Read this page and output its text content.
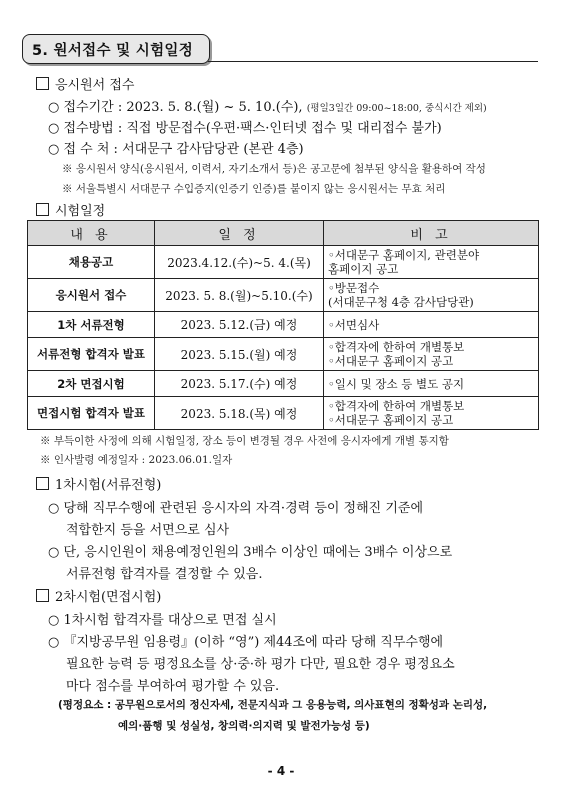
5. 원서접수 및 시험일정
응시원서 접수
○ 접수기간 : 2023. 5. 8.(월) ~ 5. 10.(수), (평일3일간 09:00~18:00, 중식시간 제외)
○ 접수방법 : 직접 방문접수(우편·팩스·인터넷 접수 및 대리접수 불가)
○ 접 수 처 : 서대문구 감사담당관 (본관 4층)
※ 응시원서 양식(응시원서, 이력서, 자기소개서 등)은 공고문에 첨부된 양식을 활용하여 작성
※ 서울특별시 서대문구 수입증지(인증기 인증)를 붙이지 않는 응시원서는 무효 처리
시험일정
내 용	일 정	비 고
채용공고	2023.4.12.(수)~5. 4.(목)	◦서대문구 홈페이지, 관련분야
홈페이지 공고

응시원서 접수	2023. 5. 8.(월)~5.10.(수)	◦방문접수
(서대문구청 4층 감사담당관)

1차 서류전형	2023. 5.12.(금) 예정	◦서면심사

서류전형 합격자 발표	2023. 5.15.(월) 예정	◦합격자에 한하여 개별통보
◦서대문구 홈페이지 공고

2차 면접시험	2023. 5.17.(수) 예정	◦일시 및 장소 등 별도 공지

면접시험 합격자 발표	2023. 5.18.(목) 예정	◦합격자에 한하여 개별통보
◦서대문구 홈페이지 공고
※ 부득이한 사정에 의해 시험일정, 장소 등이 변경될 경우 사전에 응시자에게 개별 통지함
※ 인사발령 예정일자 : 2023.06.01.일자
1차시험(서류전형)
○ 당해 직무수행에 관련된 응시자의 자격·경력 등이 정해진 기준에
적합한지 등을 서면으로 심사
○ 단, 응시인원이 채용예정인원의 3배수 이상인 때에는 3배수 이상으로
서류전형 합격자를 결정할 수 있음.
2차시험(면접시험)
○ 1차시험 합격자를 대상으로 면접 실시
○ 『지방공무원 임용령』(이하 “영”) 제44조에 따라 당해 직무수행에
필요한 능력 등 평정요소를 상·중·하 평가 다만, 필요한 경우 평정요소
마다 점수를 부여하여 평가할 수 있음.
(평정요소 : 공무원으로서의 정신자세, 전문지식과 그 응용능력, 의사표현의 정확성과 논리성,
예의·품행 및 성실성, 창의력·의지력 및 발전가능성 등)
- 4 -
